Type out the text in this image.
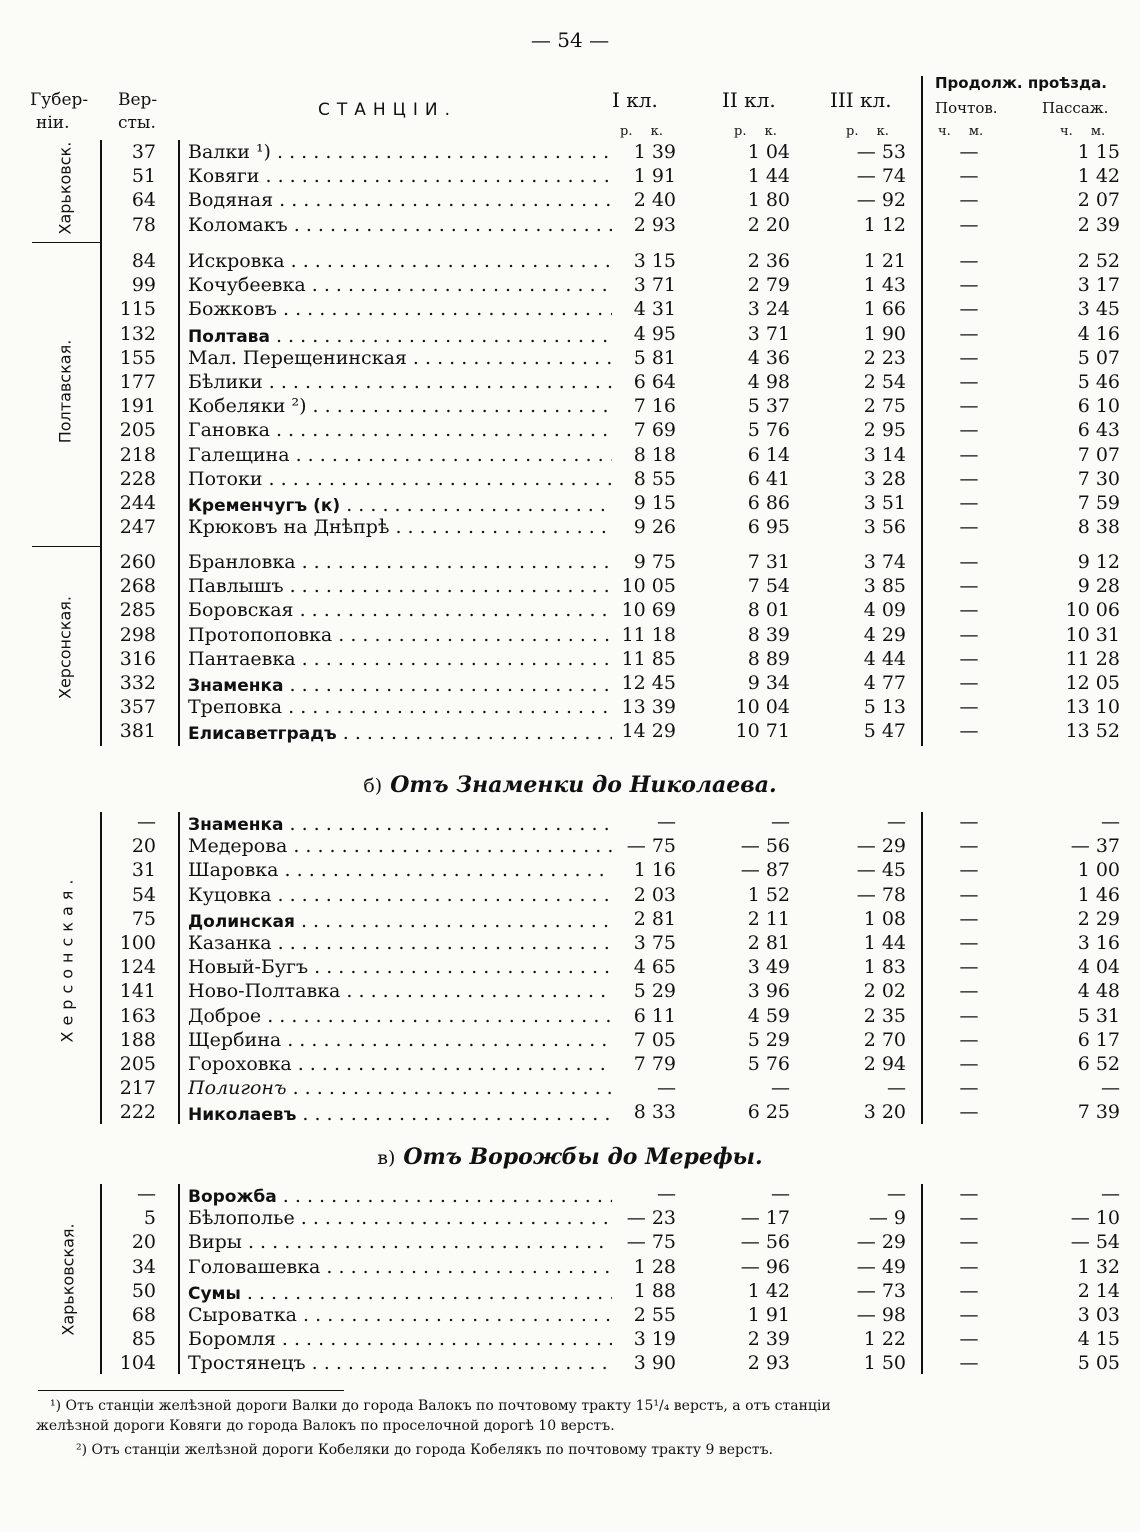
— 54 —
Губер-
ніи.
Вер-
сты.
СТАНЦІИ.	I кл.	II кл.	III кл.
Продолж. проѣзда.
Почтов.	Пассаж.
р. к.	р. к.	р. к.	ч. м.	ч. м.
Харьковск.
Полтавская.
Херсонская.
37 Валки ¹) . . .	1 39	1 04	— 53	—	1 15
51 Ковяги . . .	1 91	1 44	— 74	—	1 42
64 Водяная . . .	2 40	1 80	— 92	—	2 07
78 Коломакъ . . .	2 93	2 20	1 12	—	2 39
84 Искровка . . .	3 15	2 36	1 21	—	2 52
99 Кочубеевка . . .	3 71	2 79	1 43	—	3 17
115 Божковъ . . .	4 31	3 24	1 66	—	3 45
132 Полтава . . .	4 95	3 71	1 90	—	4 16
155 Мал. Перещенинская . . .	5 81	4 36	2 23	—	5 07
177 Бѣлики . . .	6 64	4 98	2 54	—	5 46
191 Кобеляки ²) . . .	7 16	5 37	2 75	—	6 10
205 Гановка . . .	7 69	5 76	2 95	—	6 43
218 Галещина . . .	8 18	6 14	3 14	—	7 07
228 Потоки . . .	8 55	6 41	3 28	—	7 30
244 Кременчугъ (к) . . .	9 15	6 86	3 51	—	7 59
247 Крюковъ на Днѣпрѣ . . .	9 26	6 95	3 56	—	8 38
260 Бранловка . . .	9 75	7 31	3 74	—	9 12
268 Павлышъ . . .	10 05	7 54	3 85	—	9 28
285 Боровская . . .	10 69	8 01	4 09	—	10 06
298 Протопоповка . . .	11 18	8 39	4 29	—	10 31
316 Пантаевка . . .	11 85	8 89	4 44	—	11 28
332 Знаменка . . .	12 45	9 34	4 77	—	12 05
357 Треповка . . .	13 39	10 04	5 13	—	13 10
381 Елисаветградъ . . .	14 29	10 71	5 47	—	13 52
б) Отъ Знаменки до Николаева.
Херсонская.
— Знаменка . . .	—	—	—	—	—
20 Медерова . . .	— 75	— 56	— 29	—	— 37
31 Шаровка . . .	1 16	— 87	— 45	—	1 00
54 Куцовка . . .	2 03	1 52	— 78	—	1 46
75 Долинская . . .	2 81	2 11	1 08	—	2 29
100 Казанка . . .	3 75	2 81	1 44	—	3 16
124 Новый-Бугъ . . .	4 65	3 49	1 83	—	4 04
141 Ново-Полтавка . . .	5 29	3 96	2 02	—	4 48
163 Доброе . . .	6 11	4 59	2 35	—	5 31
188 Щербина . . .	7 05	5 29	2 70	—	6 17
205 Гороховка . . .	7 79	5 76	2 94	—	6 52
217 Полигонъ . . .	—	—	—	—	—
222 Николаевъ . . .	8 33	6 25	3 20	—	7 39
в) Отъ Ворожбы до Мерефы.
Харьковская.
— Ворожба . . .	—	—	—	—	—
5 Бѣлополье . . .	— 23	— 17	— 9	—	— 10
20 Виры . . .	— 75	— 56	— 29	—	— 54
34 Головашевка . . .	1 28	— 96	— 49	—	1 32
50 Сумы . . .	1 88	1 42	— 73	—	2 14
68 Сыроватка . . .	2 55	1 91	— 98	—	3 03
85 Боромля . . .	3 19	2 39	1 22	—	4 15
104 Тростянецъ . . .	3 90	2 93	1 50	—	5 05
¹) Отъ станціи желѣзной дороги Валки до города Валокъ по почтовому тракту 15¹/₄ верстъ, а отъ станціи
желѣзной дороги Ковяги до города Валокъ по проселочной дорогѣ 10 верстъ.
²) Отъ станціи желѣзной дороги Кобеляки до города Кобелякъ по почтовому тракту 9 верстъ.
